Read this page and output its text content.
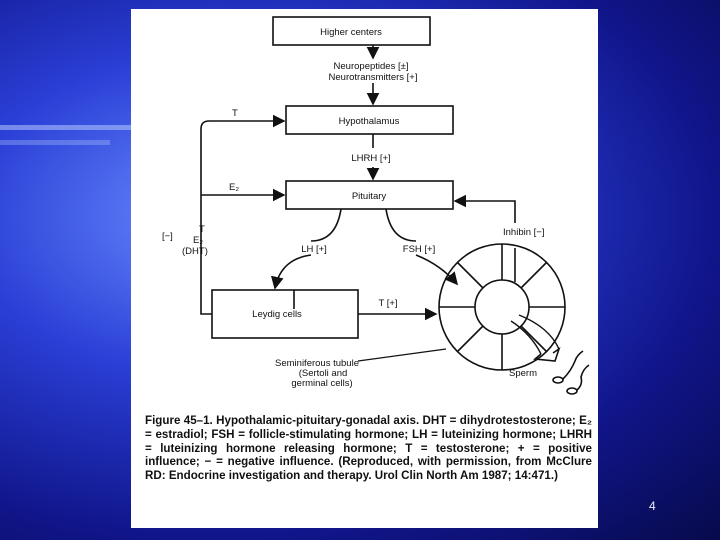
Higher centers
Hypothalamus
Pituitary
Leydig cells
Neuropeptides [±]
Neurotransmitters [+]
LHRH [+]
LH [+]	FSH [+]
Inhibin [−]
T
E₂
[−]
T
E₂
(DHT)
T [+]
Seminiferous tubule
(Sertoli and
germinal cells)
Sperm
Figure 45–1. Hypothalamic-pituitary-gonadal axis. DHT = dihydrotestosterone; E₂ = estradiol; FSH = follicle-stimulating hormone; LH = luteinizing hormone; LHRH = luteinizing hormone releasing hormone; T = testosterone; + = positive influence; − = negative influence. (Reproduced, with permission, from McClure RD: Endocrine investigation and therapy. Urol Clin North Am 1987; 14:471.)
4
